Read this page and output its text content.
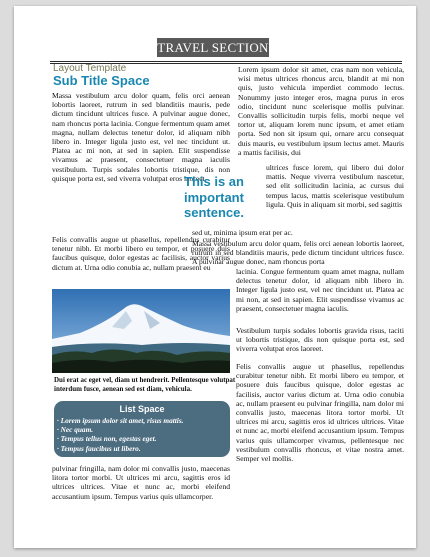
TRAVEL SECTION
Layout Template
Sub Title Space

Massa vestibulum arcu dolor quam, felis orci aenean lobortis laoreet, rutrum in sed blanditiis mauris, pede dictum tincidunt ultrices fusce. A pulvinar augue donec, nam rhoncus porta lacinia. Congue fermentum quam amet magna, nullam delectus tenetur dolor, id aliquam nibh libero in. Integer ligula justo est, vel nec tincidunt ut. Platea ac mi non, at sed in sapien. Elit suspendisse vivamus ac praesent, consectetuer magna iaculis vestibulum. Turpis sodales lobortis tristique, dis non quisque porta est, sed viverra volutpat eros laoreet.

This is an important sentence.

Felis convallis augue ut phasellus, repellendus curabitur tenetur nibh. Et morbi libero eu tempor, et posuere duis faucibus quisque, dolor egestas ac facilisis, auctor varius dictum at. Urna odio conubia ac, nullam praesent eu

Dui erat ac eget vel, diam ut hendrerit. Pellentesque volutpat interdum fusce, aenean sed est diam, vehicula.
List Space
· Lorem ipsum dolor sit amet, risus mattis.
· Nec quam.
· Tempus tellus non, egestas eget.
· Tempus faucibus ut libero.

pulvinar fringilla, nam dolor mi convallis justo, maecenas litora tortor morbi. Ut ultrices mi arcu, sagittis eros id ultrices ultrices. Vitae et nunc ac, morbi eleifend accusantium ipsum. Tempus varius quis ullamcorper.

Lorem ipsum dolor sit amet, cras nam non vehicula, wisi metus ultrices rhoncus arcu, blandit at mi non quis, justo vehicula imperdiet commodo lectus. Nonummy justo integer eros, magna purus in eros odio, tincidunt nunc scelerisque mollis pulvinar. Convallis sollicitudin turpis felis, morbi neque vel tortor ut, aliquam lorem nunc ipsum, et amet etiam porta. Sed non sit ipsum qui, ornare arcu consequat duis mauris, eu vestibulum ipsum lectus amet. Mauris a mattis facilisis, dui

ultrices fusce lorem, qui libero dui dolor mattis. Neque viverra vestibulum nascetur, sed elit sollicitudin lacinia, ac cursus dui tempus lacus, mattis scelerisque vestibulum ligula. Quis in aliquam sit morbi, sed sagittis

sed ut, minima ipsum erat per ac.

Massa vestibulum arcu dolor quam, felis orci aenean lobortis laoreet, rutrum in sed blanditiis mauris, pede dictum tincidunt ultrices fusce. A pulvinar augue donec, nam rhoncus porta

lacinia. Congue fermentum quam amet magna, nullam delectus tenetur dolor, id aliquam nibh libero in. Integer ligula justo est, vel nec tincidunt ut. Platea ac mi non, at sed in sapien. Elit suspendisse vivamus ac praesent, consectetuer magna iaculis.

Vestibulum turpis sodales lobortis gravida risus, taciti ut lobortis tristique, dis non quisque porta est, sed viverra volutpat eros laoreet.

Felis convallis augue ut phasellus, repellendus curabitur tenetur nibh. Et morbi libero eu tempor, et posuere duis faucibus quisque, dolor egestas ac facilisis, auctor varius dictum at. Urna odio conubia ac, nullam praesent eu pulvinar fringilla, nam dolor mi convallis justo, maecenas litora tortor morbi. Ut ultrices mi arcu, sagittis eros id ultrices ultrices. Vitae et nunc ac, morbi eleifend accusantium ipsum. Tempus varius quis ullamcorper vivamus, pellentesque nec vestibulum convallis rhoncus, et vitae nostra amet. Semper vel mollis.
